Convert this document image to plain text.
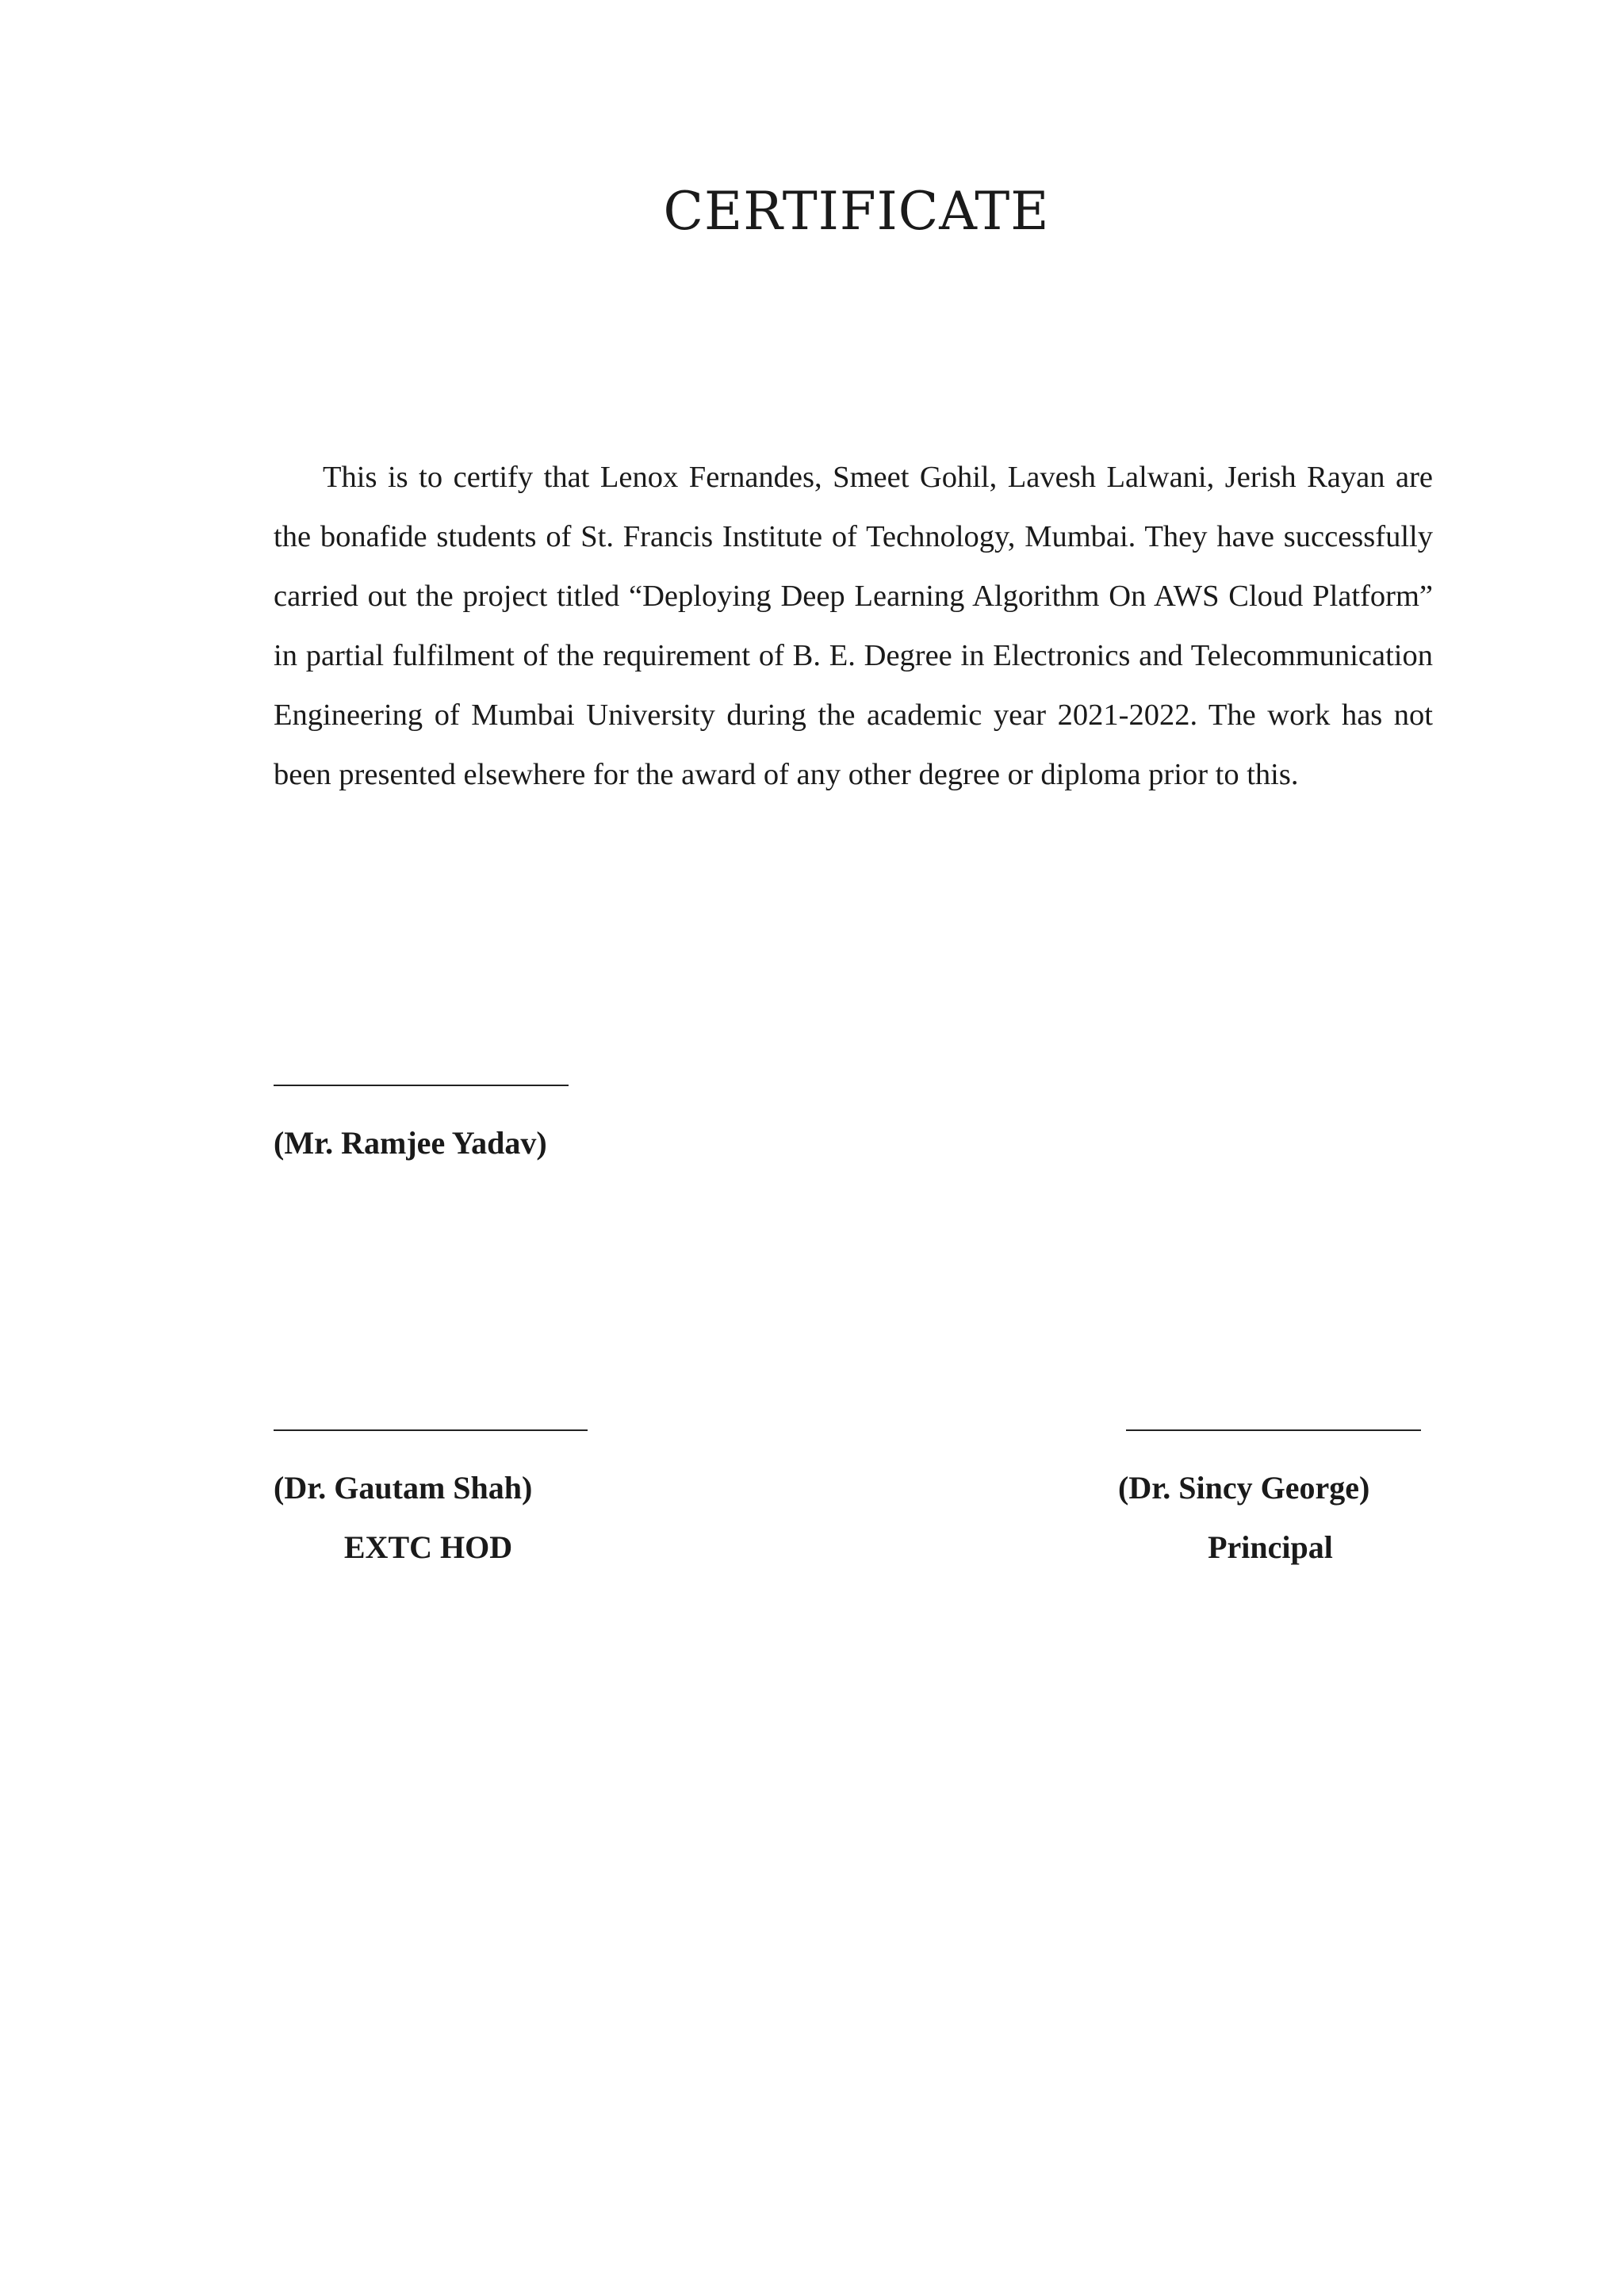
CERTIFICATE

This is to certify that Lenox Fernandes, Smeet Gohil, Lavesh Lalwani, Jerish Rayan are the bonafide students of St. Francis Institute of Technology, Mumbai. They have successfully carried out the project titled “Deploying Deep Learning Algorithm On AWS Cloud Platform” in partial fulfilment of the requirement of B. E. Degree in Electronics and Telecommunication Engineering of Mumbai University during the academic year 2021-2022. The work has not been presented elsewhere for the award of any other degree or diploma prior to this.

(Mr. Ramjee Yadav)
(Dr. Gautam Shah)
EXTC HOD
(Dr. Sincy George)
Principal
